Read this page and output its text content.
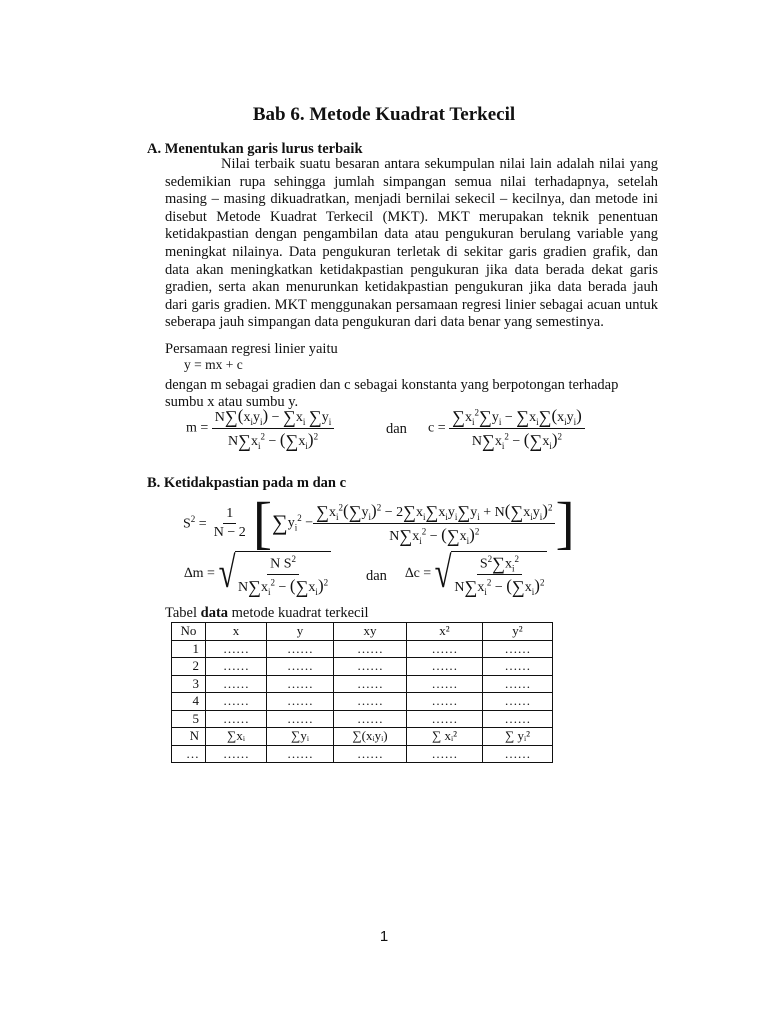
Bab 6. Metode Kuadrat Terkecil
A. Menentukan garis lurus terbaik
Nilai terbaik suatu besaran antara sekumpulan nilai lain adalah nilai yang sedemikian rupa sehingga jumlah simpangan semua nilai terhadapnya, setelah masing – masing dikuadratkan, menjadi bernilai sekecil – kecilnya, dan metode ini disebut Metode Kuadrat Terkecil (MKT). MKT merupakan teknik penentuan ketidakpastian dengan pengambilan data atau pengukuran berulang variable yang meningkat nilainya. Data pengukuran terletak di sekitar garis gradien grafik, dan data akan meningkatkan ketidakpastian pengukuran jika data berada dekat garis gradien, serta akan menurunkan ketidakpastian pengukuran jika data berada jauh dari garis gradien. MKT menggunakan persamaan regresi linier sebagai acuan untuk seberapa jauh simpangan data pengukuran dari data benar yang semestinya.
Persamaan regresi linier yaitu
y = mx + c
dengan m sebagai gradien dan c sebagai konstanta yang berpotongan terhadap
sumbu x atau sumbu y.
$m = \frac{N\sum(x_iy_i) - \sum x_i \sum y_i}{N\sum x_i^2 - (\sum x_i)^2}$	dan $c = \frac{\sum x_i^2\sum y_i - \sum x_i\sum(x_iy_i)}{N\sum x_i^2 - (\sum x_i)^2}$
B. Ketidakpastian pada m dan c
$S^2 = \frac{1}{N - 2}$ [ ∑ $y_i^2 - \frac{\sum x_i^2(\sum y_i)^2 - 2\sum x_i\sum x_iy_i\sum y_i + N(\sum x_iy_i)^2}{N\sum x_i^2 - (\sum x_i)^2}$ ]
∆m = √ $\frac{N S^2}{N\sum x_i^2 - (\sum x_i)^2}$ dan ∆c = √ $\frac{S^2\sum x_i^2}{N\sum x_i^2 - (\sum x_i)^2}$
Tabel data metode kuadrat terkecil
No	x	y	xy	x²	y²
1	……	……	……	……	……
2	……	……	……	……	……
3	……	……	……	……	……
4	……	……	……	……	……
5	……	……	……	……	……
N	∑xᵢ	∑yᵢ	∑(xᵢyᵢ)	∑ xᵢ²	∑ yᵢ²
…	……	……	……	……	……
1
